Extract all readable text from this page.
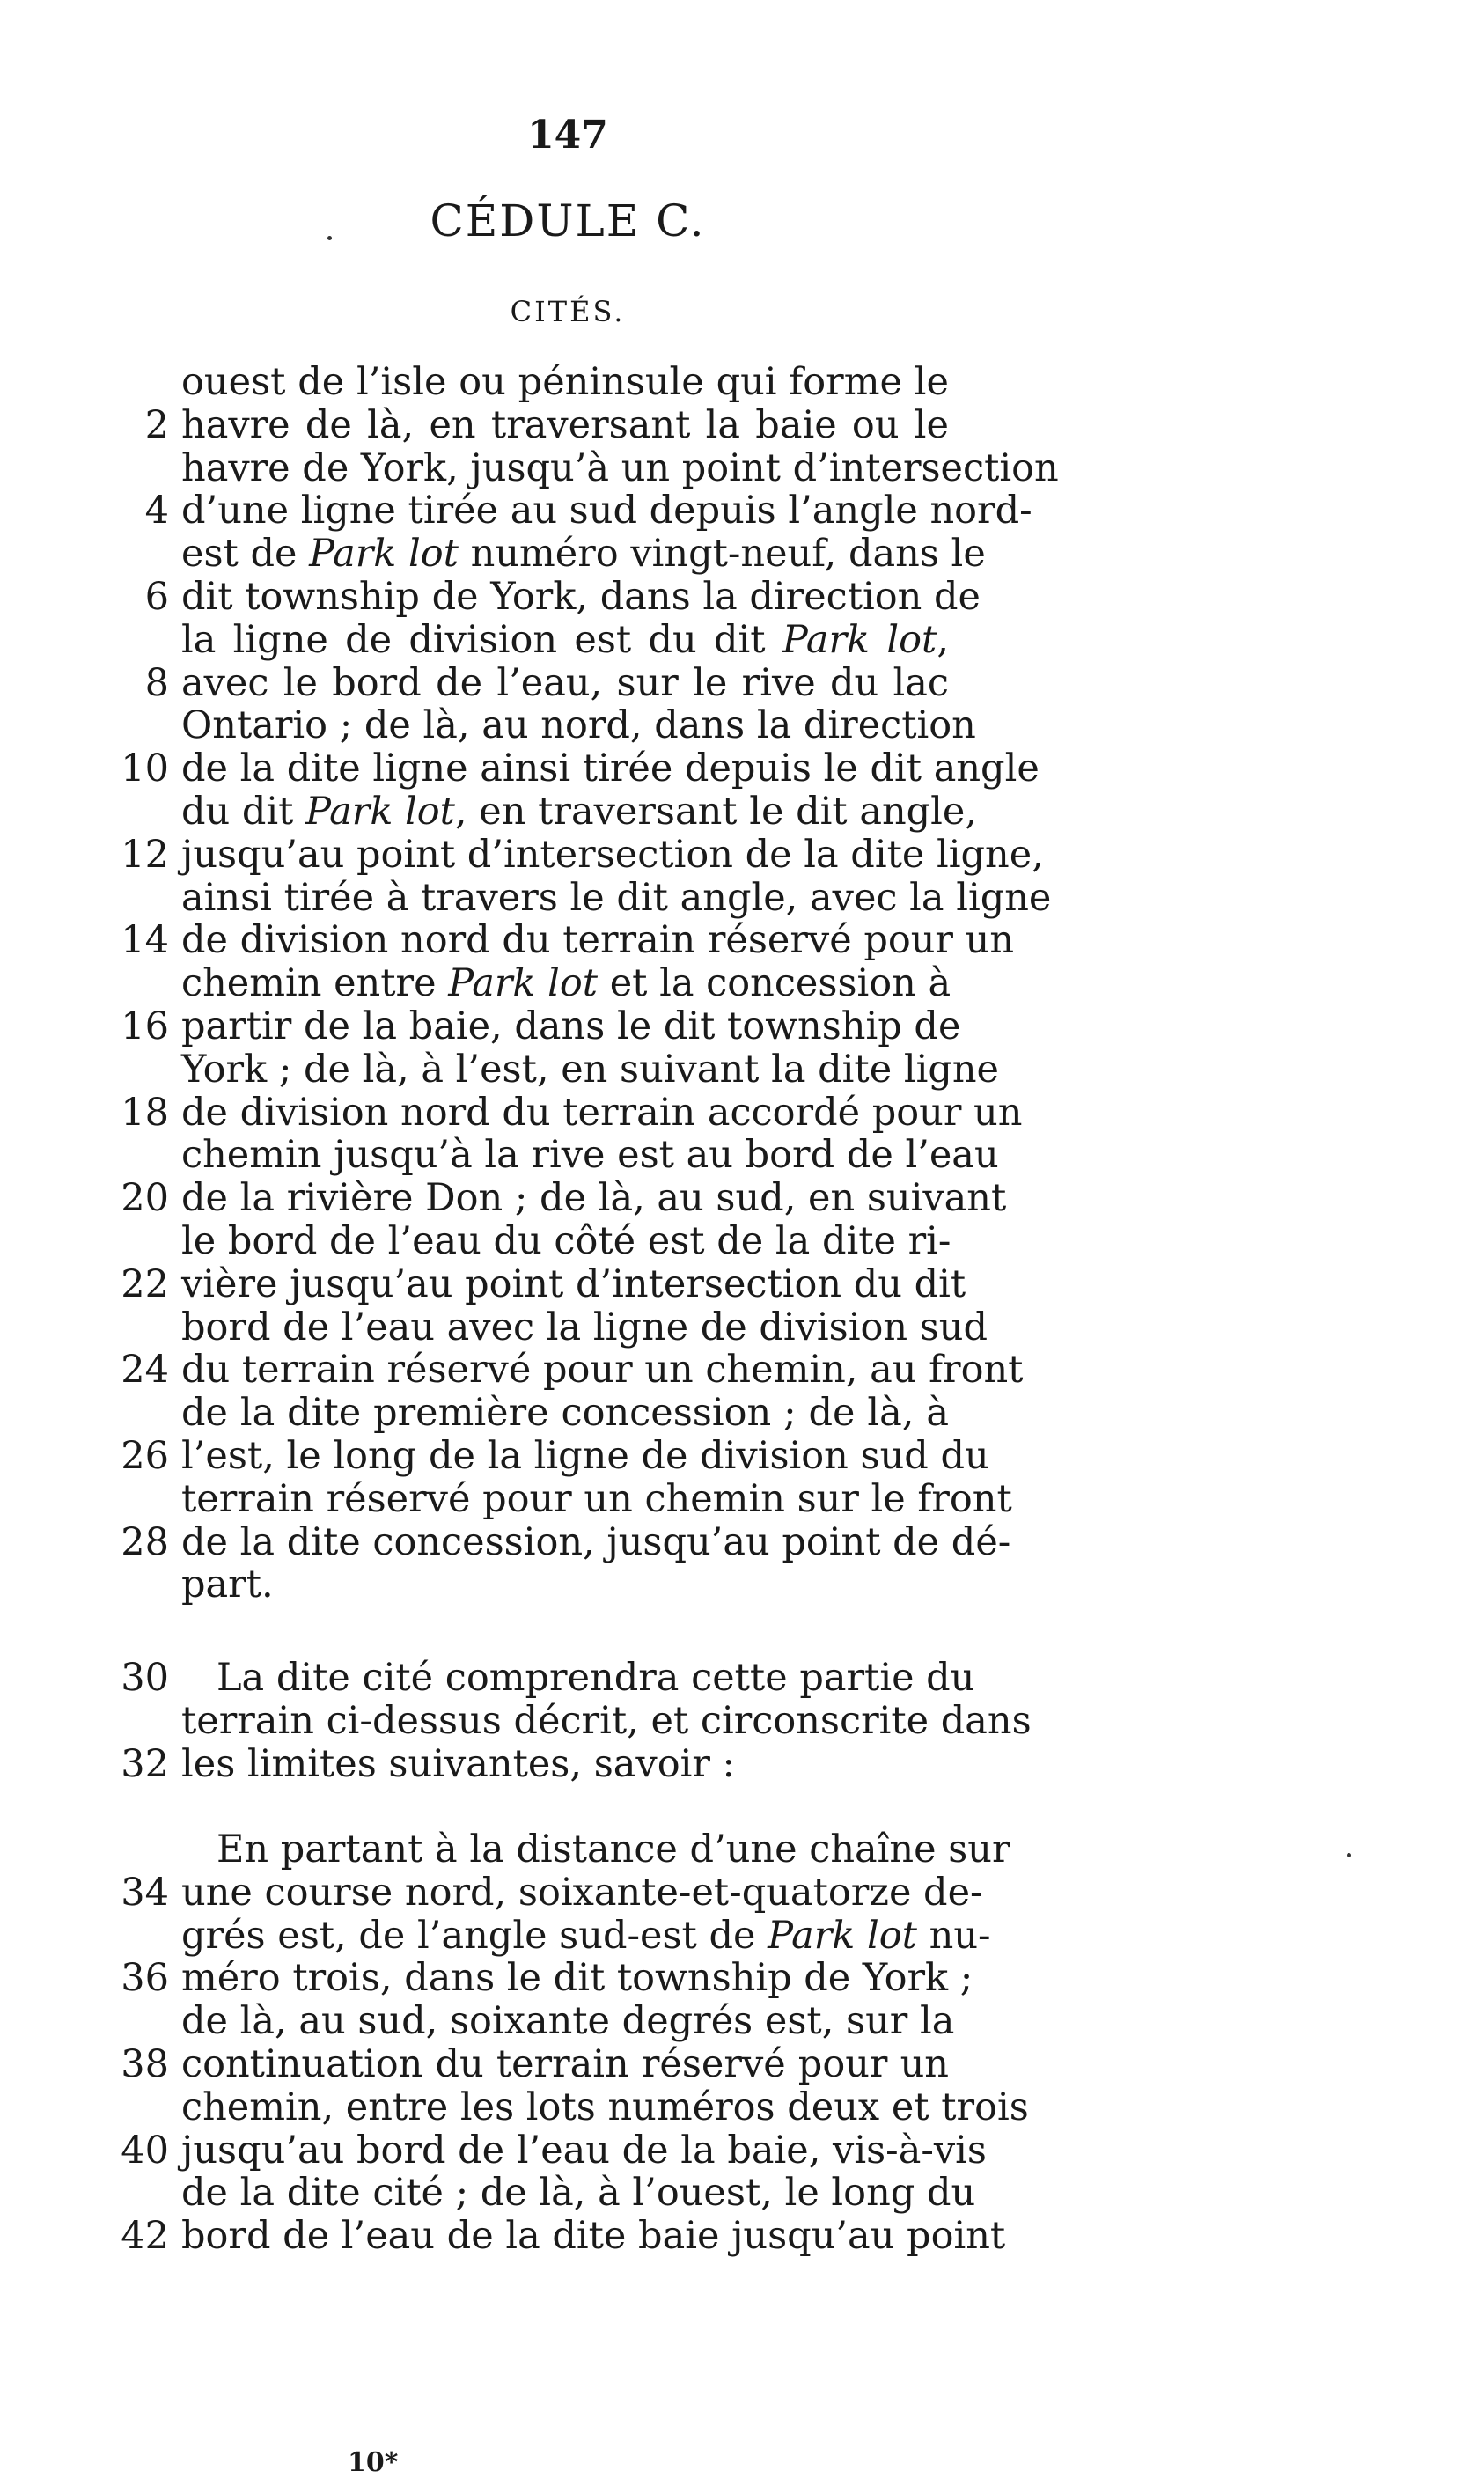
147
CÉDULE C.
CITÉS.
ouest de l’isle ou péninsule qui forme le
2 havre de là, en traversant la baie ou le
havre de York, jusqu’à un point d’intersection
4 d’une ligne tirée au sud depuis l’angle nord-
est de Park lot numéro vingt-neuf, dans le
6 dit township de York, dans la direction de
la ligne de division est du dit Park lot,
8 avec le bord de l’eau, sur le rive du lac
Ontario ; de là, au nord, dans la direction
10 de la dite ligne ainsi tirée depuis le dit angle
du dit Park lot, en traversant le dit angle,
12 jusqu’au point d’intersection de la dite ligne,
ainsi tirée à travers le dit angle, avec la ligne
14 de division nord du terrain réservé pour un
chemin entre Park lot et la concession à
16 partir de la baie, dans le dit township de
York ; de là, à l’est, en suivant la dite ligne
18 de division nord du terrain accordé pour un
chemin jusqu’à la rive est au bord de l’eau
20 de la rivière Don ; de là, au sud, en suivant
le bord de l’eau du côté est de la dite ri-
22 vière jusqu’au point d’intersection du dit
bord de l’eau avec la ligne de division sud
24 du terrain réservé pour un chemin, au front
de la dite première concession ; de là, à
26 l’est, le long de la ligne de division sud du
terrain réservé pour un chemin sur le front
28 de la dite concession, jusqu’au point de dé-
part.
30 La dite cité comprendra cette partie du
terrain ci-dessus décrit, et circonscrite dans
32 les limites suivantes, savoir :
En partant à la distance d’une chaîne sur
34 une course nord, soixante-et-quatorze de-
grés est, de l’angle sud-est de Park lot nu-
36 méro trois, dans le dit township de York ;
de là, au sud, soixante degrés est, sur la
38 continuation du terrain réservé pour un
chemin, entre les lots numéros deux et trois
40 jusqu’au bord de l’eau de la baie, vis-à-vis
de la dite cité ; de là, à l’ouest, le long du
42 bord de l’eau de la dite baie jusqu’au point
10*
